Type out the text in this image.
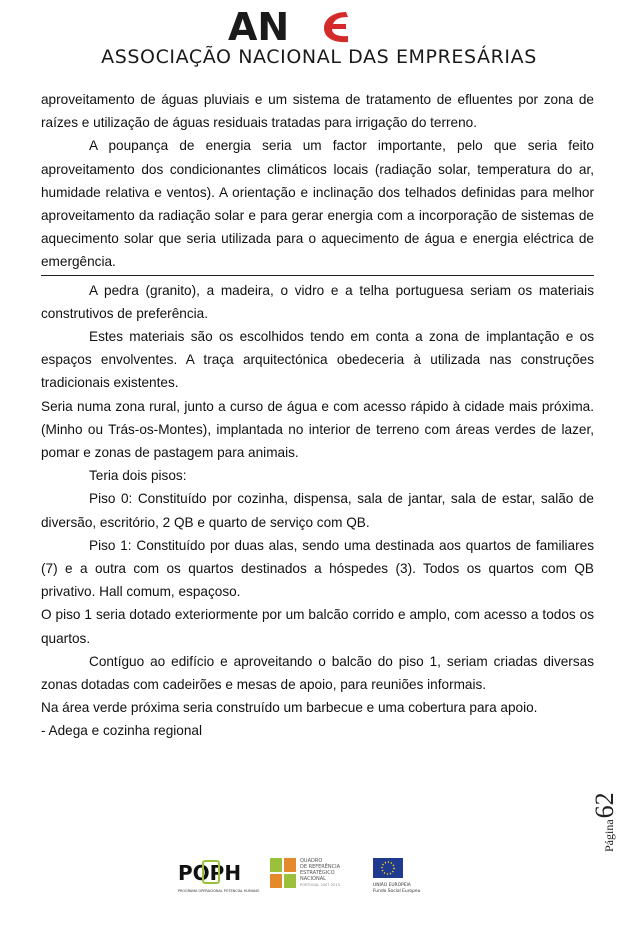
AN
ASSOCIAÇÃO NACIONAL DAS EMPRESÁRIAS

aproveitamento de águas pluviais e um sistema de tratamento de efluentes por zona de raízes e utilização de águas residuais tratadas para irrigação do terreno.

A poupança de energia seria um factor importante, pelo que seria feito aproveitamento dos condicionantes climáticos locais (radiação solar, temperatura do ar, humidade relativa e ventos). A orientação e inclinação dos telhados definidas para melhor aproveitamento da radiação solar e para gerar energia com a incorporação de sistemas de aquecimento solar que seria utilizada para o aquecimento de água e energia eléctrica de emergência.

A pedra (granito), a madeira, o vidro e a telha portuguesa seriam os materiais construtivos de preferência.

Estes materiais são os escolhidos tendo em conta a zona de implantação e os espaços envolventes. A traça arquitectónica obedeceria à utilizada nas construções tradicionais existentes.

Seria numa zona rural, junto a curso de água e com acesso rápido à cidade mais próxima. (Minho ou Trás-os-Montes), implantada no interior de terreno com áreas verdes de lazer, pomar e zonas de pastagem para animais.

Teria dois pisos:

Piso 0: Constituído por cozinha, dispensa, sala de jantar, sala de estar, salão de diversão, escritório, 2 QB e quarto de serviço com QB.

Piso 1: Constituído por duas alas, sendo uma destinada aos quartos de familiares (7) e a outra com os quartos destinados a hóspedes (3). Todos os quartos com QB privativo. Hall comum, espaçoso.

O piso 1 seria dotado exteriormente por um balcão corrido e amplo, com acesso a todos os quartos.

Contíguo ao edifício e aproveitando o balcão do piso 1, seriam criadas diversas zonas dotadas com cadeirões e mesas de apoio, para reuniões informais.

Na área verde próxima seria construído um barbecue e uma cobertura para apoio.

- Adega e cozinha regional

Página62
POPH
PROGRAMA OPERACIONAL POTENCIAL HUMANO
QUADRO
DE REFERÊNCIA
ESTRATÉGICO
NACIONAL
PORTUGAL 2007·2013	UNIÃO EUROPEIA
Fundo Social Europeu
